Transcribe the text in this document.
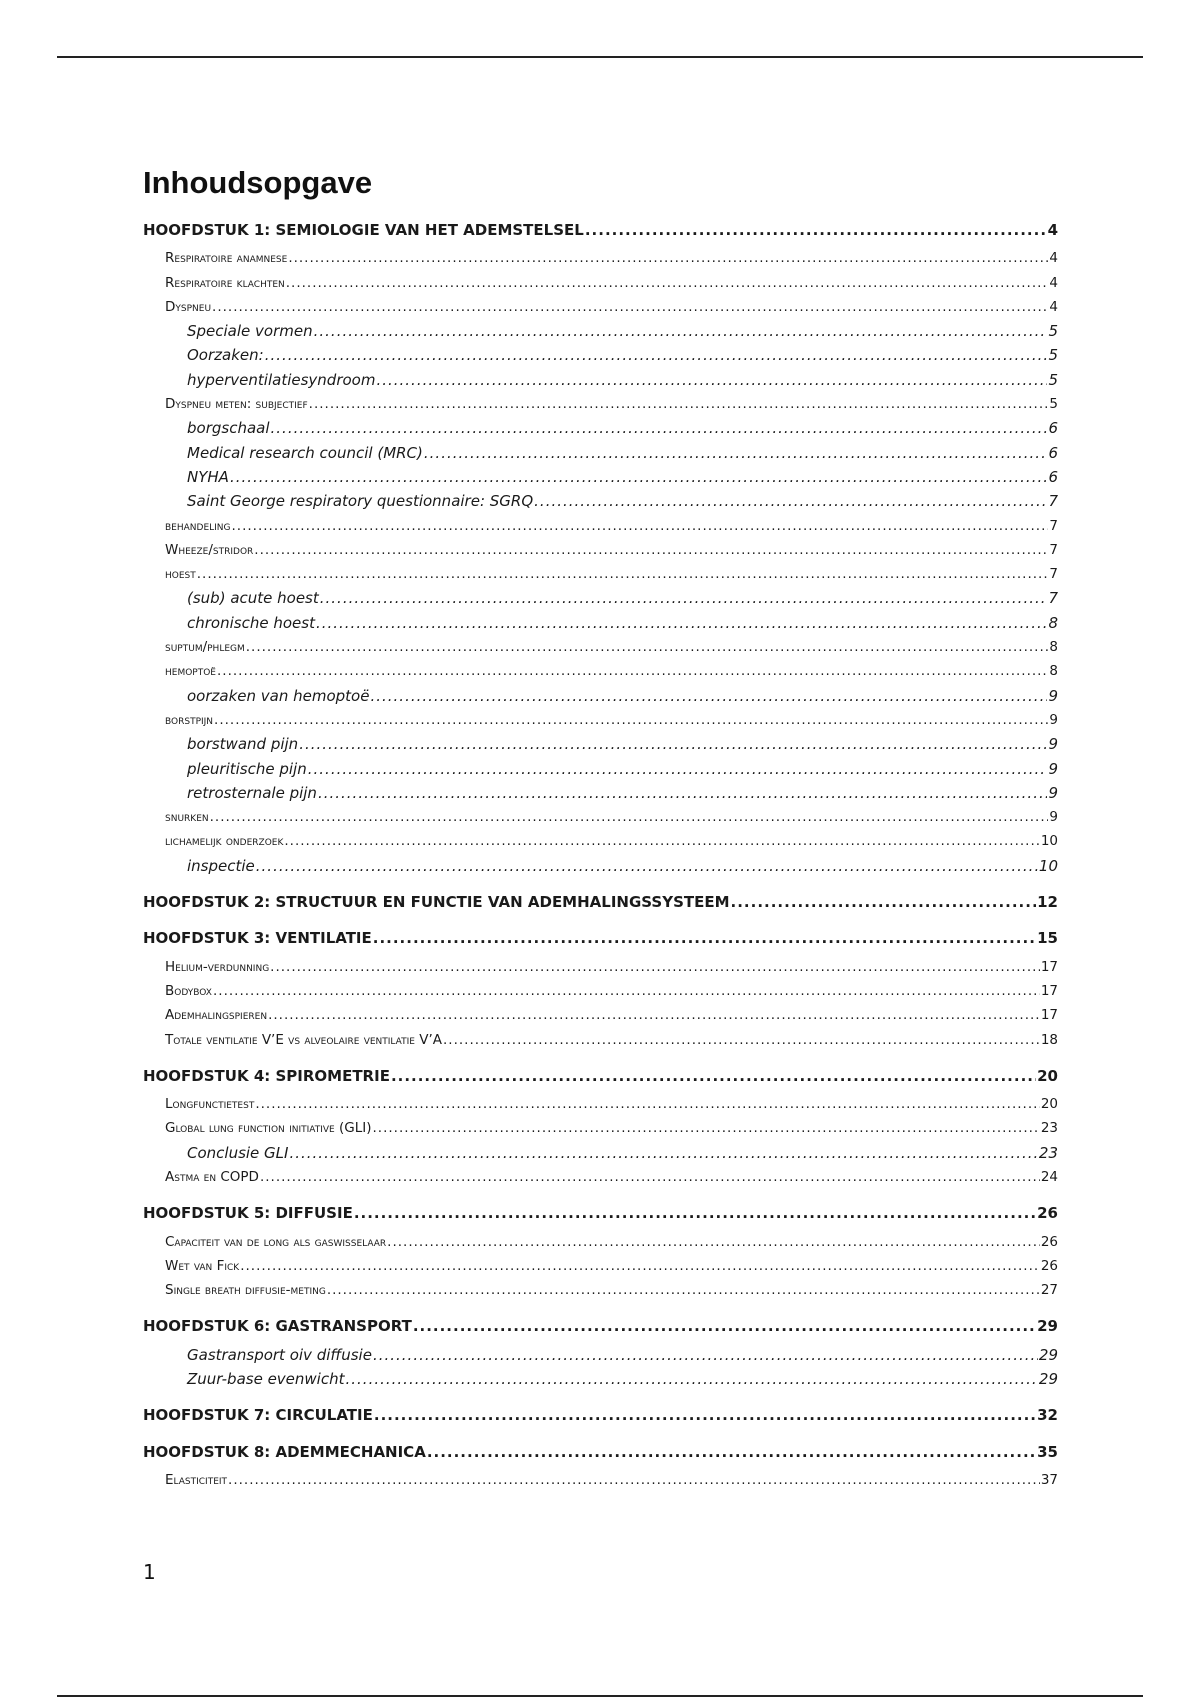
Inhoudsopgave
HOOFDSTUK 1: SEMIOLOGIE VAN HET ADEMSTELSEL .....	4
Respiratoire anamnese .....	4
Respiratoire klachten .....	4
Dyspneu .....	4
Speciale vormen .....	5
Oorzaken: .....	5
hyperventilatiesyndroom .....	5
Dyspneu meten: subjectief .....	5
borgschaal .....	6
Medical research council (MRC) .....	6
NYHA .....	6
Saint George respiratory questionnaire: SGRQ .....	7
behandeling .....	7
Wheeze/stridor .....	7
hoest .....	7
(sub) acute hoest .....	7
chronische hoest .....	8
suptum/phlegm .....	8
hemoptoë .....	8
oorzaken van hemoptoë .....	9
borstpijn .....	9
borstwand pijn .....	9
pleuritische pijn .....	9
retrosternale pijn .....	9
snurken .....	9
lichamelijk onderzoek .....	10
inspectie .....	10
HOOFDSTUK 2: STRUCTUUR EN FUNCTIE VAN ADEMHALINGSSYSTEEM .....	12
HOOFDSTUK 3: VENTILATIE .....	15
Helium-verdunning .....	17
Bodybox .....	17
Ademhalingspieren .....	17
Totale ventilatie V’E vs alveolaire ventilatie V’A .....	18
HOOFDSTUK 4: SPIROMETRIE .....	20
Longfunctietest .....	20
Global lung function initiative (GLI) .....	23
Conclusie GLI .....	23
Astma en COPD .....	24
HOOFDSTUK 5: DIFFUSIE .....	26
Capaciteit van de long als gaswisselaar .....	26
Wet van Fick .....	26
Single breath diffusie-meting .....	27
HOOFDSTUK 6: GASTRANSPORT .....	29
Gastransport oiv diffusie .....	29
Zuur-base evenwicht .....	29
HOOFDSTUK 7: CIRCULATIE .....	32
HOOFDSTUK 8: ADEMMECHANICA .....	35
Elasticiteit .....	37
1
